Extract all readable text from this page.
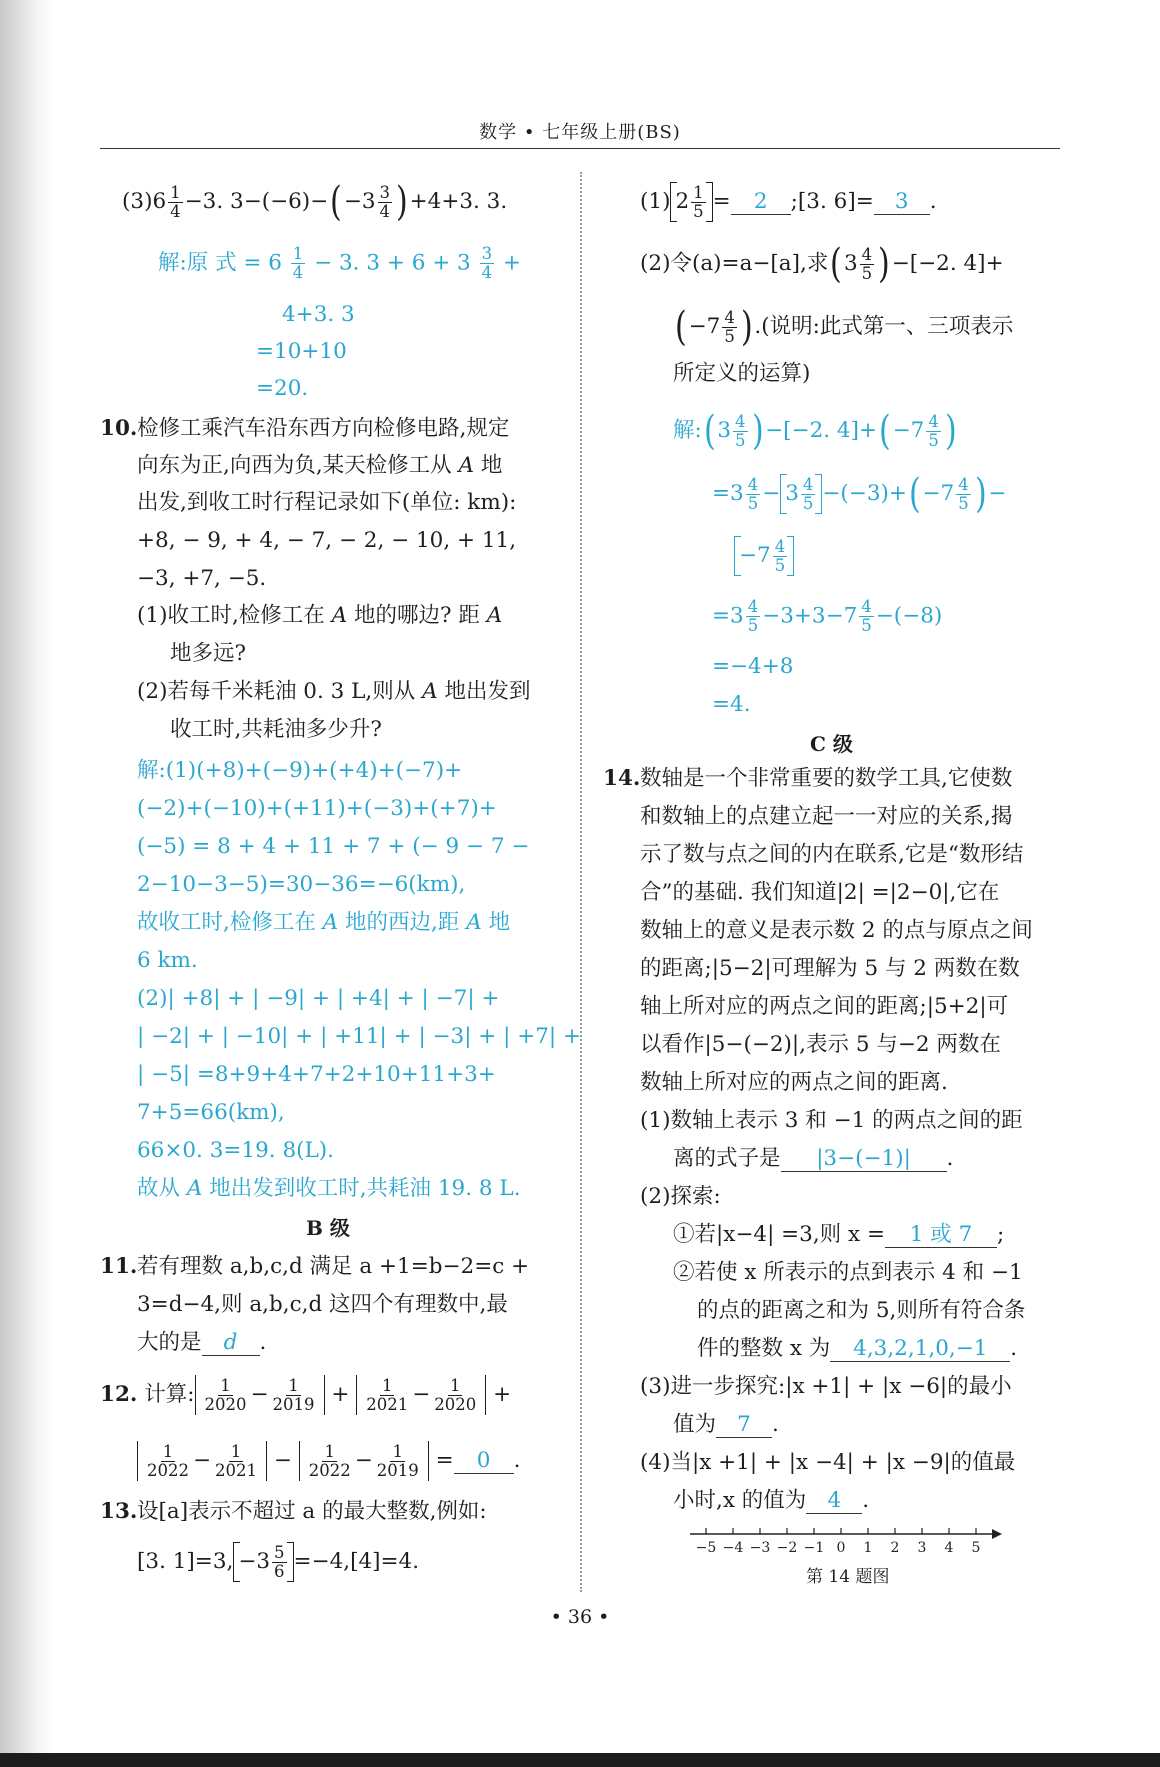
数学 • 七年级上册(BS)
$(3)6 \frac{1}{4} -3$. $3-(-6)-(-3 \frac{3}{4} )+4+3$. 3.
解:原 式 = $6 \frac{1}{4} - 3$. $3 + 6 + 3 \frac{3}{4}$ +
4+3. 3
=10+10
=20.
10. 检修工乘汽车沿东西方向检修电路,规定
向东为正,向西为负,某天检修工从 A 地
出发,到收工时行程记录如下(单位: km):
+8, − 9, + 4, − 7, − 2, − 10, + 11,
−3, +7, −5.
(1)收工时,检修工在 A 地的哪边? 距 A
地多远?
(2)若每千米耗油 0. 3 L,则从 A 地出发到
收工时,共耗油多少升?
解:(1)(+8)+(−9)+(+4)+(−7)+
(−2)+(−10)+(+11)+(−3)+(+7)+
(−5) = 8 + 4 + 11 + 7 + (− 9 − 7 −
2−10−3−5)=30−36=−6(km),
故收工时,检修工在 A 地的西边,距 A 地
6 km.
(2)| +8| + | −9| + | +4| + | −7| +
| −2| + | −10| + | +11| + | −3| + | +7| +
| −5| =8+9+4+7+2+10+11+3+
7+5=66(km),
66×0. 3=19. 8(L).
故从 A 地出发到收工时,共耗油 19. 8 L.
B 级
11. 若有理数 a,b,c,d 满足 a +1=b−2=c +
3=d−4,则 a,b,c,d 这四个有理数中,最
大的是 d .
12. 计算: $\frac{1}{2020} - \frac{1}{2019} + \frac{1}{2021} - \frac{1}{2020}$ +
$\frac{1}{2022} - \frac{1}{2021} - \frac{1}{2022} - \frac{1}{2019} = 0$ .
13. 设[a]表示不超过 a 的最大整数,例如:
[3. 1]=3, $-3 \frac{5}{6} =-4,[4]=4$.
(1) $2 \frac{1}{5} = 2$ ;[3. 6]= 3 .
(2)令(a)=a−[a],求$(3 \frac{4}{5} )-[-2$. 4]+
($-7 \frac{4}{5}$ ).(说明:此式第一、三项表示
所定义的运算)
解:(3 $\frac{4}{5} )-[-2$. $4]+(-7 \frac{4}{5}$ )
$=3 \frac{4}{5} - 3 \frac{4}{5} -(-3)+(-7 \frac{4}{5}$ )−
$-7 \frac{4}{5}$
$=3 \frac{4}{5} -3+3-7 \frac{4}{5} -(-8)$
=−4+8
=4.
C 级
14. 数轴是一个非常重要的数学工具,它使数
和数轴上的点建立起一一对应的关系,揭
示了数与点之间的内在联系,它是“数形结
合”的基础. 我们知道|2| =|2−0|,它在
数轴上的意义是表示数 2 的点与原点之间
的距离;|5−2|可理解为 5 与 2 两数在数
轴上所对应的两点之间的距离;|5+2|可
以看作|5−(−2)|,表示 5 与−2 两数在
数轴上所对应的两点之间的距离.
(1)数轴上表示 3 和 −1 的两点之间的距
离的式子是 |3−(−1)| .
(2)探索:
①若|x−4| =3,则 x = 1 或 7 ;
②若使 x 所表示的点到表示 4 和 −1
的点的距离之和为 5,则所有符合条
件的整数 x 为 4,3,2,1,0,−1 .
(3)进一步探究:|x +1| + |x −6|的最小
值为 7 .
(4)当|x +1| + |x −4| + |x −9|的值最
小时,x 的值为 4 .
−5 −4 −3 −2 −1 0 1 2 3 4 5
第 14 题图
• 36 •
